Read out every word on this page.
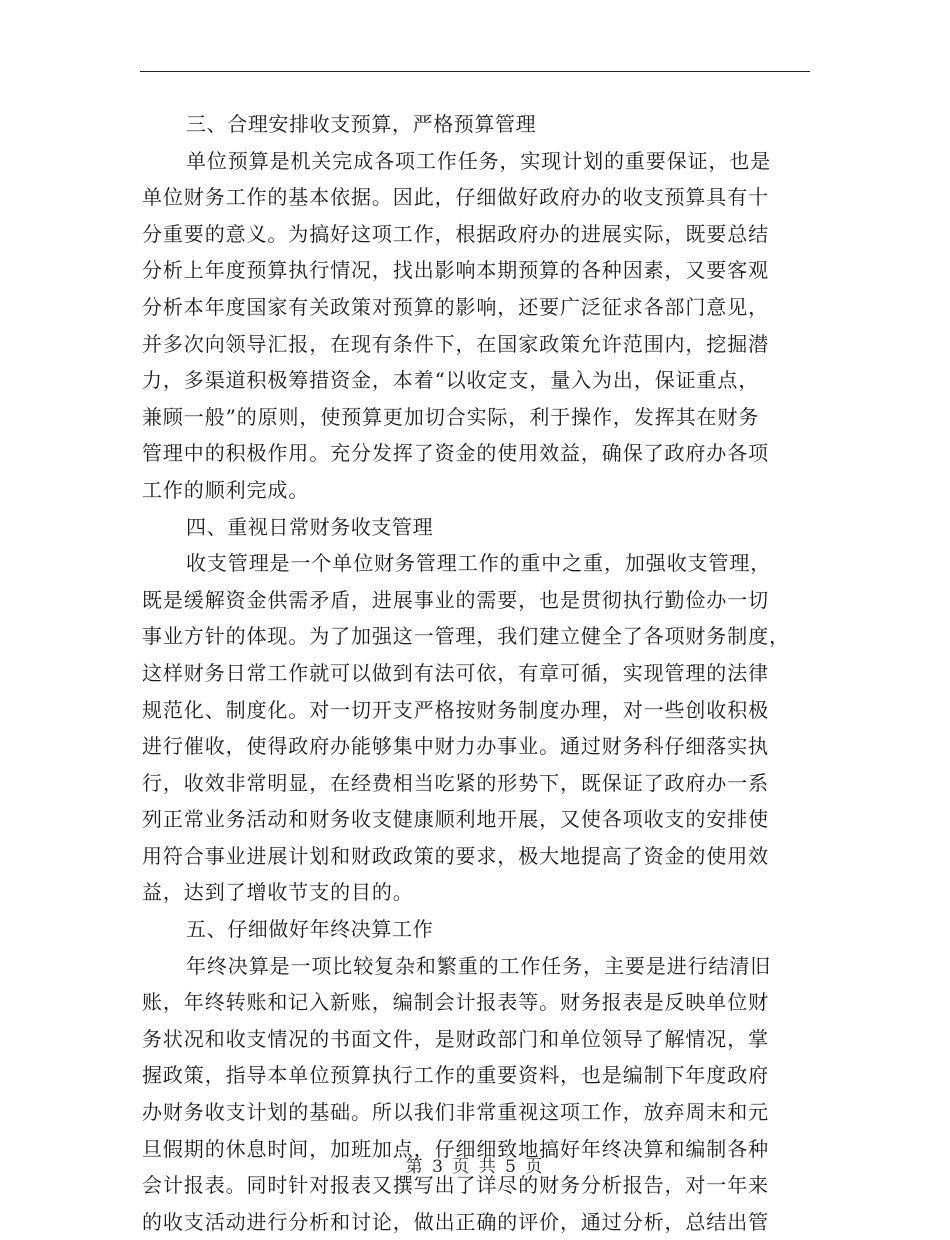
三、合理安排收支预算，严格预算管理
单位预算是机关完成各项工作任务，实现计划的重要保证，也是
单位财务工作的基本依据。因此，仔细做好政府办的收支预算具有十
分重要的意义。为搞好这项工作，根据政府办的进展实际，既要总结
分析上年度预算执行情况，找出影响本期预算的各种因素，又要客观
分析本年度国家有关政策对预算的影响，还要广泛征求各部门意见，
并多次向领导汇报，在现有条件下，在国家政策允许范围内，挖掘潜
力，多渠道积极筹措资金，本着“以收定支，量入为出，保证重点，
兼顾一般”的原则，使预算更加切合实际，利于操作，发挥其在财务
管理中的积极作用。充分发挥了资金的使用效益，确保了政府办各项
工作的顺利完成。
四、重视日常财务收支管理
收支管理是一个单位财务管理工作的重中之重，加强收支管理，
既是缓解资金供需矛盾，进展事业的需要，也是贯彻执行勤俭办一切
事业方针的体现。为了加强这一管理，我们建立健全了各项财务制度，
这样财务日常工作就可以做到有法可依，有章可循，实现管理的法律
规范化、制度化。对一切开支严格按财务制度办理，对一些创收积极
进行催收，使得政府办能够集中财力办事业。通过财务科仔细落实执
行，收效非常明显，在经费相当吃紧的形势下，既保证了政府办一系
列正常业务活动和财务收支健康顺利地开展，又使各项收支的安排使
用符合事业进展计划和财政政策的要求，极大地提高了资金的使用效
益，达到了增收节支的目的。
五、仔细做好年终决算工作
年终决算是一项比较复杂和繁重的工作任务，主要是进行结清旧
账，年终转账和记入新账，编制会计报表等。财务报表是反映单位财
务状况和收支情况的书面文件，是财政部门和单位领导了解情况，掌
握政策，指导本单位预算执行工作的重要资料，也是编制下年度政府
办财务收支计划的基础。所以我们非常重视这项工作，放弃周末和元
旦假期的休息时间，加班加点，仔细细致地搞好年终决算和编制各种
会计报表。同时针对报表又撰写出了详尽的财务分析报告，对一年来
的收支活动进行分析和讨论，做出正确的评价，通过分析，总结出管
第 3 页 共 5 页
